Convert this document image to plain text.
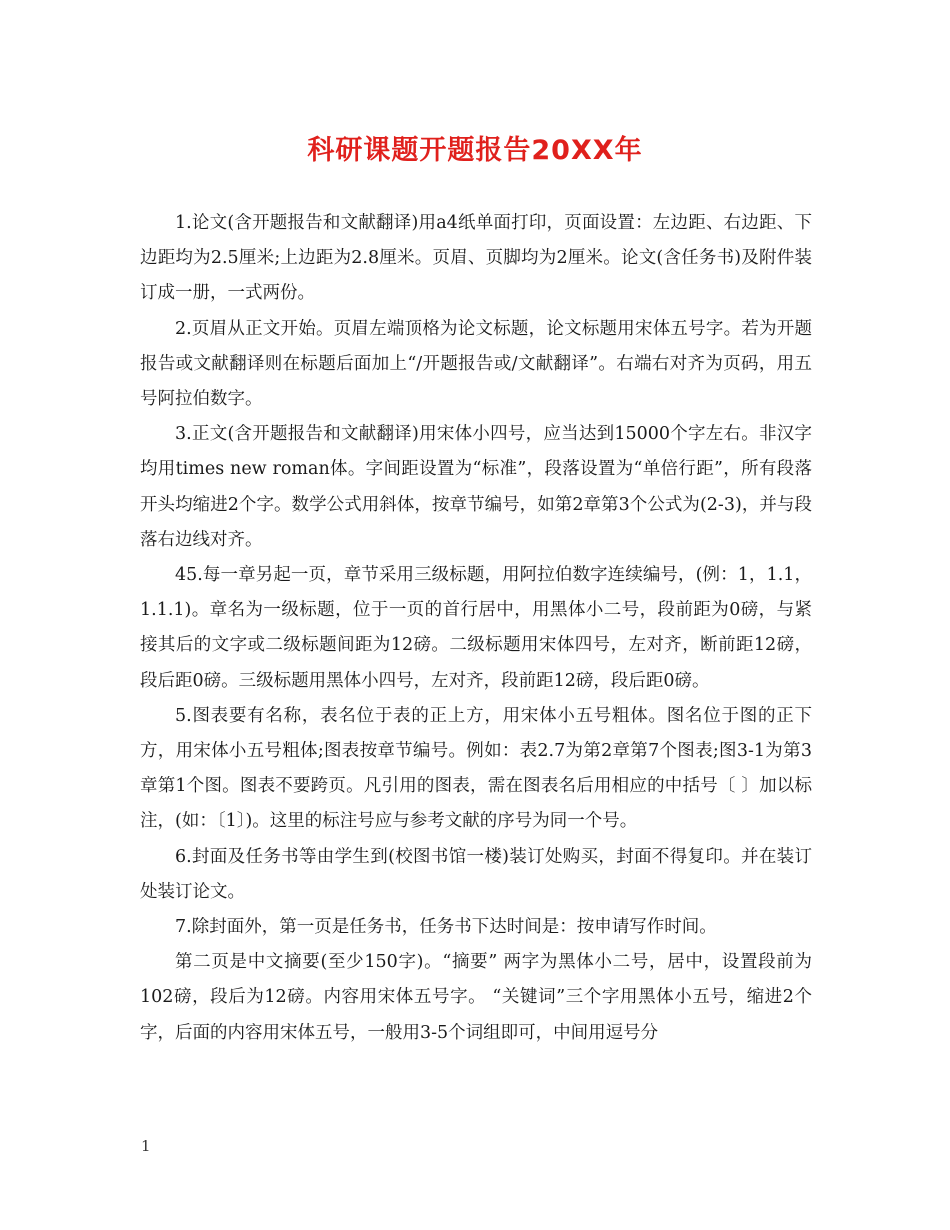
科研课题开题报告20XX年

1.论文(含开题报告和文献翻译)用a4纸单面打印，页面设置：左边距、右边距、下边距均为2.5厘米;上边距为2.8厘米。页眉、页脚均为2厘米。论文(含任务书)及附件装订成一册，一式两份。

2.页眉从正文开始。页眉左端顶格为论文标题，论文标题用宋体五号字。若为开题报告或文献翻译则在标题后面加上“/开题报告或/文献翻译”。右端右对齐为页码，用五号阿拉伯数字。

3.正文(含开题报告和文献翻译)用宋体小四号，应当达到15000个字左右。非汉字均用times new roman体。字间距设置为“标准”，段落设置为“单倍行距”，所有段落开头均缩进2个字。数学公式用斜体，按章节编号，如第2章第3个公式为(2-3)，并与段落右边线对齐。

45.每一章另起一页，章节采用三级标题，用阿拉伯数字连续编号，(例：1，1.1，1.1.1)。章名为一级标题，位于一页的首行居中，用黑体小二号，段前距为0磅，与紧接其后的文字或二级标题间距为12磅。二级标题用宋体四号，左对齐，断前距12磅，段后距0磅。三级标题用黑体小四号，左对齐，段前距12磅，段后距0磅。

5.图表要有名称，表名位于表的正上方，用宋体小五号粗体。图名位于图的正下方，用宋体小五号粗体;图表按章节编号。例如：表2.7为第2章第7个图表;图3-1为第3章第1个图。图表不要跨页。凡引用的图表，需在图表名后用相应的中括号〔 〕加以标注，(如：〔1〕)。这里的标注号应与参考文献的序号为同一个号。

6.封面及任务书等由学生到(校图书馆一楼)装订处购买，封面不得复印。并在装订处装订论文。

7.除封面外，第一页是任务书，任务书下达时间是：按申请写作时间。

第二页是中文摘要(至少150字)。“摘要” 两字为黑体小二号，居中，设置段前为102磅，段后为12磅。内容用宋体五号字。 “关键词”三个字用黑体小五号，缩进2个字，后面的内容用宋体五号，一般用3-5个词组即可，中间用逗号分

1
